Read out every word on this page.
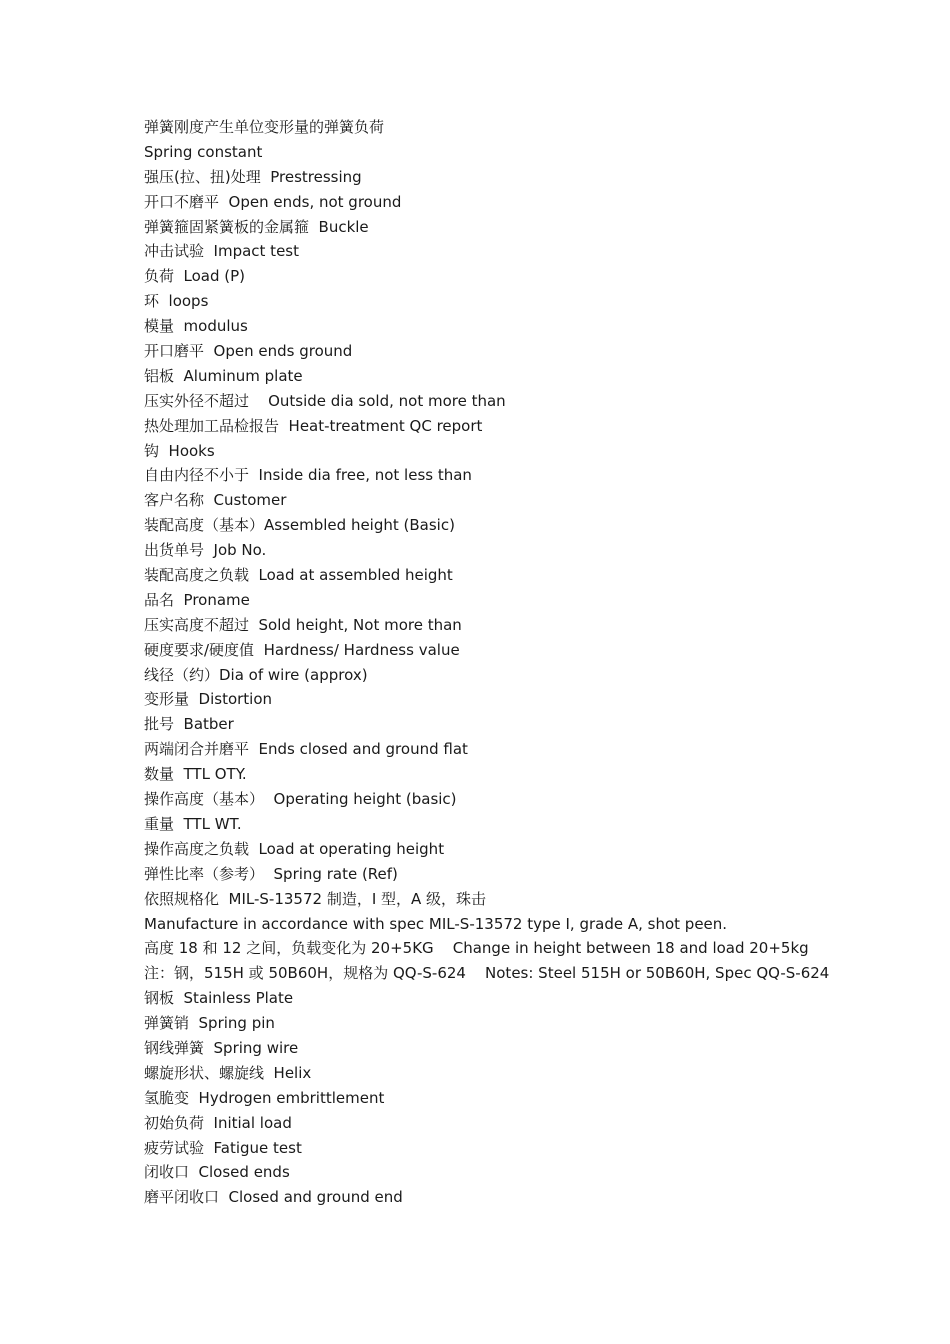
弹簧刚度产生单位变形量的弹簧负荷
Spring constant
强压(拉、扭)处理  Prestressing
开口不磨平  Open ends, not ground
弹簧箍固紧簧板的金属箍  Buckle
冲击试验  Impact test
负荷  Load (P)
环  loops
模量  modulus
开口磨平  Open ends ground
铝板  Aluminum plate
压实外径不超过    Outside dia sold, not more than
热处理加工品检报告  Heat-treatment QC report
钩  Hooks
自由内径不小于  Inside dia free, not less than
客户名称  Customer
装配高度（基本）Assembled height (Basic)
出货单号  Job No.
装配高度之负载  Load at assembled height
品名  Proname
压实高度不超过  Sold height, Not more than
硬度要求/硬度值  Hardness/ Hardness value
线径（约）Dia of wire (approx)
变形量  Distortion
批号  Batber
两端闭合并磨平  Ends closed and ground flat
数量  TTL OTY.
操作高度（基本）  Operating height (basic)
重量  TTL WT.
操作高度之负载  Load at operating height
弹性比率（参考）  Spring rate (Ref)
依照规格化  MIL-S-13572 制造，I 型，A 级，珠击
Manufacture in accordance with spec MIL-S-13572 type I, grade A, shot peen.
高度 18 和 12 之间，负载变化为 20+5KG    Change in height between 18 and load 20+5kg
注：钢，515H 或 50B60H，规格为 QQ-S-624    Notes: Steel 515H or 50B60H, Spec QQ-S-624
钢板  Stainless Plate
弹簧销  Spring pin
钢线弹簧  Spring wire
螺旋形状、螺旋线  Helix
氢脆变  Hydrogen embrittlement
初始负荷  Initial load
疲劳试验  Fatigue test
闭收口  Closed ends
磨平闭收口  Closed and ground end
